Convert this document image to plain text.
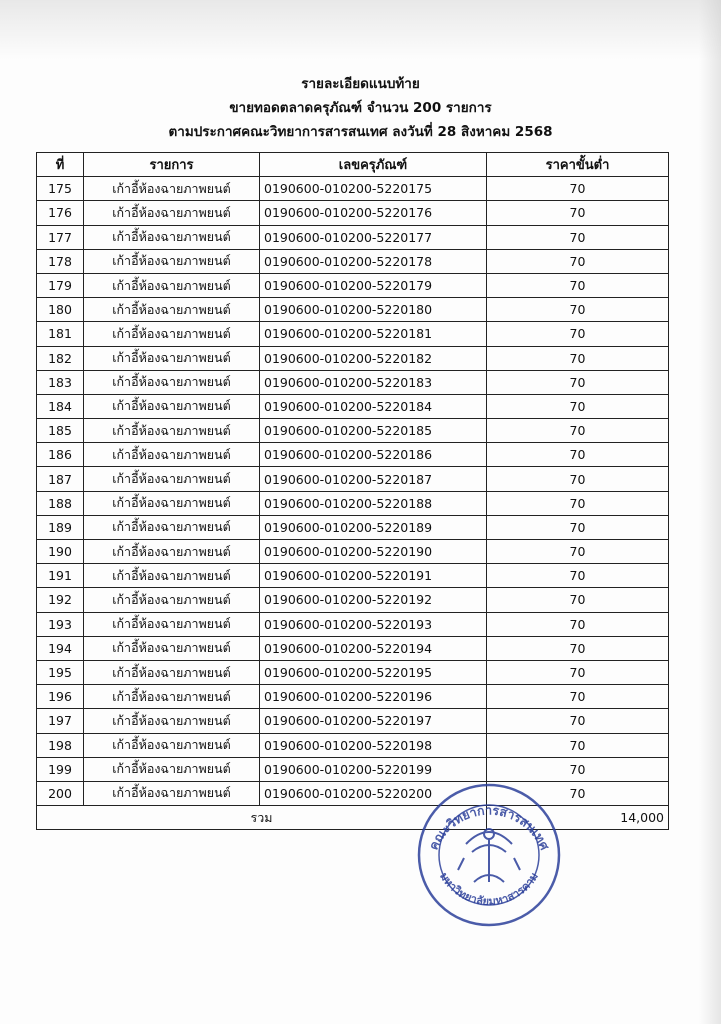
รายละเอียดแนบท้าย
ขายทอดตลาดครุภัณฑ์ จำนวน 200 รายการ
ตามประกาศคณะวิทยาการสารสนเทศ ลงวันที่ 28 สิงหาคม 2568
ที่	รายการ	เลขครุภัณฑ์	ราคาขั้นต่ำ
175	เก้าอี้ห้องฉายภาพยนต์	0190600-010200-5220175	70
176	เก้าอี้ห้องฉายภาพยนต์	0190600-010200-5220176	70
177	เก้าอี้ห้องฉายภาพยนต์	0190600-010200-5220177	70
178	เก้าอี้ห้องฉายภาพยนต์	0190600-010200-5220178	70
179	เก้าอี้ห้องฉายภาพยนต์	0190600-010200-5220179	70
180	เก้าอี้ห้องฉายภาพยนต์	0190600-010200-5220180	70
181	เก้าอี้ห้องฉายภาพยนต์	0190600-010200-5220181	70
182	เก้าอี้ห้องฉายภาพยนต์	0190600-010200-5220182	70
183	เก้าอี้ห้องฉายภาพยนต์	0190600-010200-5220183	70
184	เก้าอี้ห้องฉายภาพยนต์	0190600-010200-5220184	70
185	เก้าอี้ห้องฉายภาพยนต์	0190600-010200-5220185	70
186	เก้าอี้ห้องฉายภาพยนต์	0190600-010200-5220186	70
187	เก้าอี้ห้องฉายภาพยนต์	0190600-010200-5220187	70
188	เก้าอี้ห้องฉายภาพยนต์	0190600-010200-5220188	70
189	เก้าอี้ห้องฉายภาพยนต์	0190600-010200-5220189	70
190	เก้าอี้ห้องฉายภาพยนต์	0190600-010200-5220190	70
191	เก้าอี้ห้องฉายภาพยนต์	0190600-010200-5220191	70
192	เก้าอี้ห้องฉายภาพยนต์	0190600-010200-5220192	70
193	เก้าอี้ห้องฉายภาพยนต์	0190600-010200-5220193	70
194	เก้าอี้ห้องฉายภาพยนต์	0190600-010200-5220194	70
195	เก้าอี้ห้องฉายภาพยนต์	0190600-010200-5220195	70
196	เก้าอี้ห้องฉายภาพยนต์	0190600-010200-5220196	70
197	เก้าอี้ห้องฉายภาพยนต์	0190600-010200-5220197	70
198	เก้าอี้ห้องฉายภาพยนต์	0190600-010200-5220198	70
199	เก้าอี้ห้องฉายภาพยนต์	0190600-010200-5220199	70
200	เก้าอี้ห้องฉายภาพยนต์	0190600-010200-5220200	70
รวม			14,000
คณะวิทยาการสารสนเทศ
มหาวิทยาลัยมหาสารคาม
